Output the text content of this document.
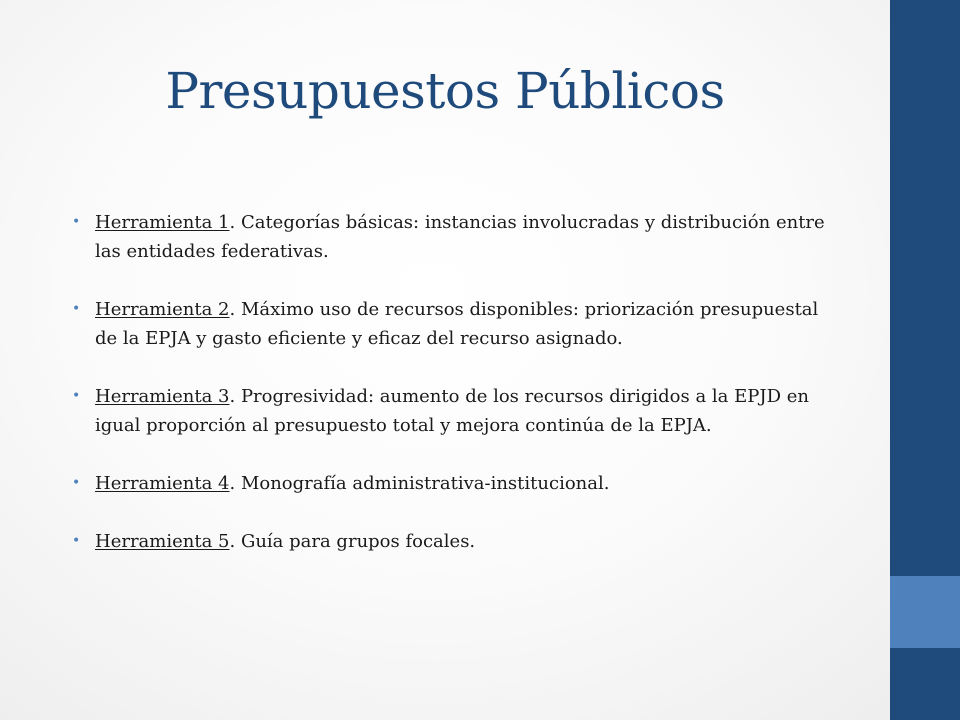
Presupuestos Públicos
• Herramienta 1. Categorías básicas: instancias involucradas y distribución entre las entidades federativas.
• Herramienta 2. Máximo uso de recursos disponibles: priorización presupuestal de la EPJA y gasto eficiente y eficaz del recurso asignado.
• Herramienta 3. Progresividad: aumento de los recursos dirigidos a la EPJD en igual proporción al presupuesto total y mejora continúa de la EPJA.
• Herramienta 4. Monografía administrativa-institucional.
• Herramienta 5. Guía para grupos focales.
